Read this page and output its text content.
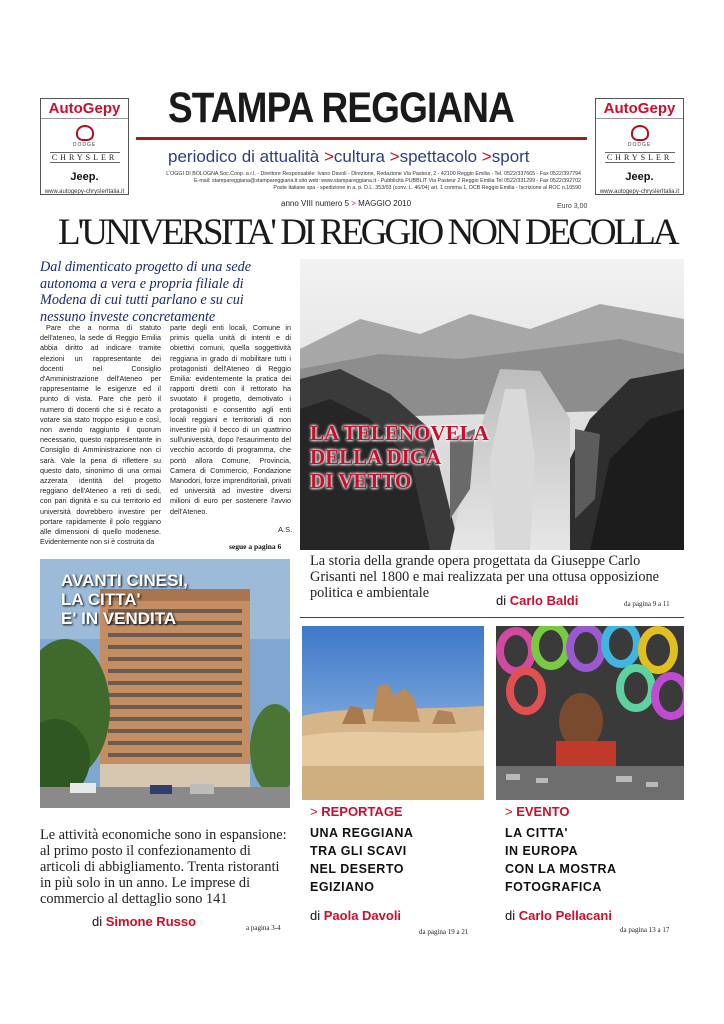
AutoGepy
DODGE
CHRYSLER
Jeep.
www.autogepy-chryslerItalia.it
AutoGepy
DODGE
CHRYSLER
Jeep.
www.autogepy-chryslerItalia.it
STAMPA REGGIANA
periodico di attualità >cultura >spettacolo >sport
L'OGGI DI BOLOGNA Soc.Coop. a r.l. - Direttore Responsabile: Ivano Davoli - Direzione, Redazione Via Pasteur, 2 - 42100 Reggio Emilia - Tel. 0522/337665 - Fax 0522/397794
E-mail: stampareggiana@stampareggiana.it sito web: www.stampareggiana.it - Pubblicità PUBBLIT Via Pasteur 2 Reggio Emilia Tel 0522/331299 - Fax 0522/392702
Poste italiane spa - spedizione in a. p. D.L. 353/03 (conv. L. 46/04) art. 1 comma 1, DCB Reggio Emilia - Iscrizione al ROC n.10590
anno VIII numero 5 > MAGGIO 2010	Euro 3,00
L'UNIVERSITA' DI REGGIO NON DECOLLA
Dal dimenticato progetto di una sede autonoma a vera e propria filiale di Modena di cui tutti parlano e su cui nessuno investe concretamente
Pare che a norma di statuto dell'ateneo, la sede di Reggio Emilia abbia diritto ad indicare tramite elezioni un rappresentante dei docenti nel Consiglio d'Amministrazione dell'Ateneo per rappresentarne le esigenze ed il punto di vista. Pare che però il numero di docenti che si è recato a votare sia stato troppo esiguo e così, non avendo raggiunto il quorum necessario, questo rappresentante in Consiglio di Amministrazione non ci sarà. Vale la pena di riflettere su questo dato, sinonimo di una ormai azzerata identità del progetto reggiano dell'Ateneo a reti di sedi, con pari dignità e su cui territorio ed università dovrebbero investire per portare rapidamente il polo reggiano alle dimensioni di quello modenese. Evidentemente non si è costruita da
parte degli enti locali, Comune in primis quella unità di intenti e di obiettivi comuni, quella soggettività reggiana in grado di mobilitare tutti i protagonisti dell'Ateneo di Reggio Emilia: evidentemente la pratica dei rapporti diretti con il rettorato ha svuotato il progetto, demotivato i protagonisti e consentito agli enti locali reggiani e territoriali di non investire più il becco di un quattrino sull'università, dopo l'esaurimento del vecchio accordo di programma, che portò allora Comune, Provincia, Camera di Commercio, Fondazione Manodori, forze imprenditoriali, privati ed università ad investire diversi milioni di euro per sostenere l'avvio dell'Ateneo.
A.S.
segue a pagina 6
LA TELENOVELA
DELLA DIGA
DI VETTO
AVANTI CINESI,
LA CITTA'
E' IN VENDITA
La storia della grande opera progettata da Giuseppe Carlo Grisanti nel 1800 e mai realizzata per una ottusa opposizione politica e ambientale	di Carlo Baldi	da pagina 9 a 11
> REPORTAGE
UNA REGGIANA
TRA GLI SCAVI
NEL DESERTO
EGIZIANO
di Paola Davoli
da pagina 19 a 21
> EVENTO
LA CITTA'
IN EUROPA
CON LA MOSTRA
FOTOGRAFICA
di Carlo Pellacani
da pagina 13 a 17
Le attività economiche sono in espansione: al primo posto il confezionamento di articoli di abbigliamento. Trenta ristoranti in più solo in un anno. Le imprese di commercio al dettaglio sono 141
di Simone Russo	a pagina 3-4
